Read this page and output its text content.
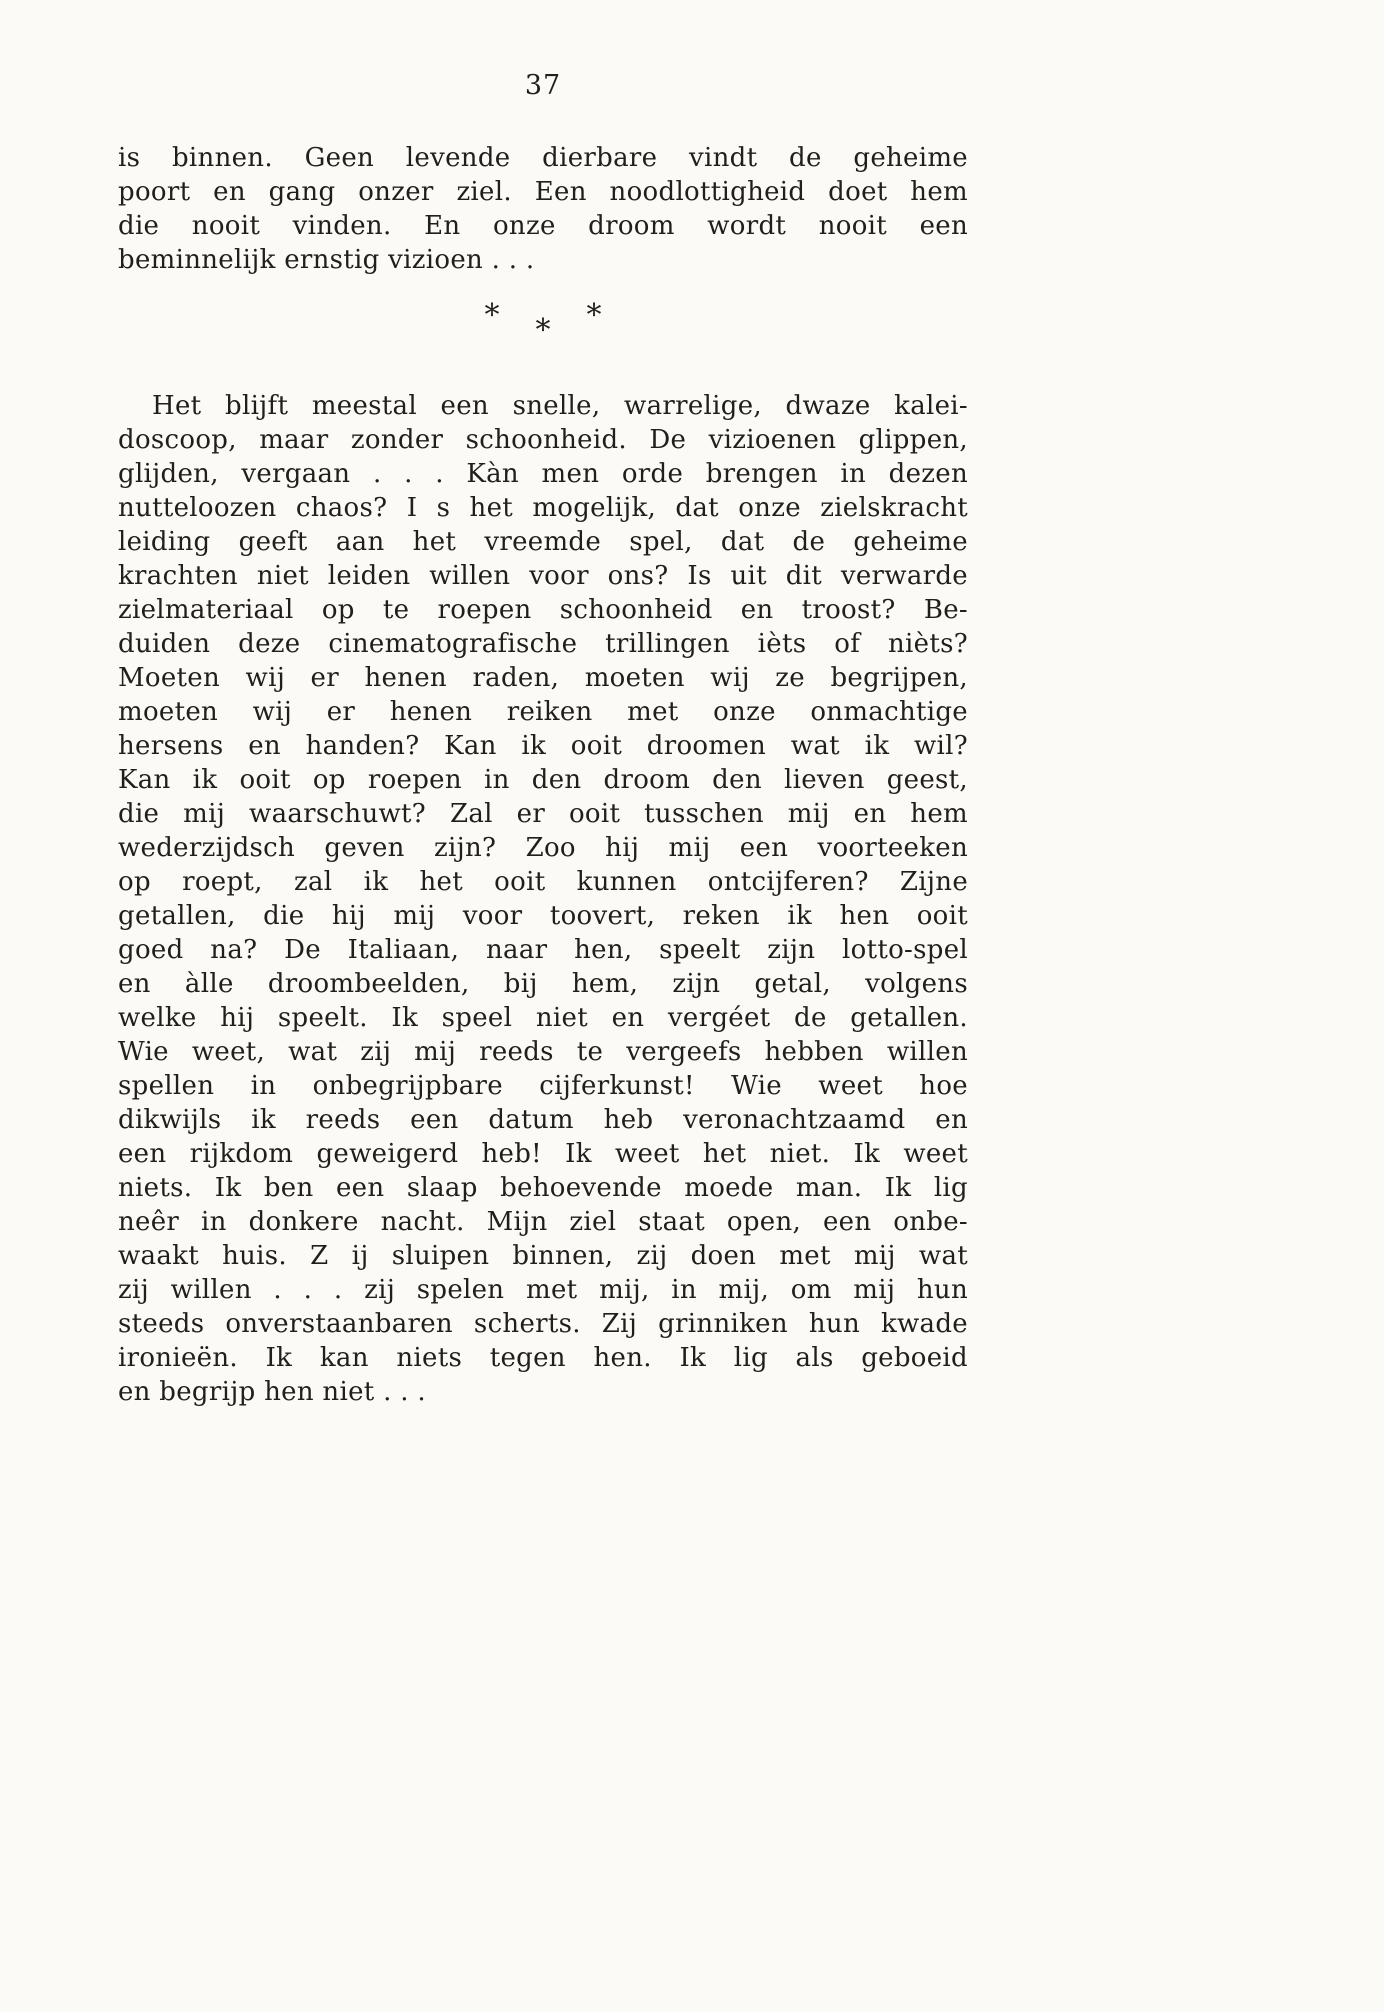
37
is binnen. Geen levende dierbare vindt de geheime
poort en gang onzer ziel. Een noodlottigheid doet hem
die nooit vinden. En onze droom wordt nooit een
beminnelijk ernstig vizioen . . .
* * *
Het blijft meestal een snelle, warrelige, dwaze kalei-
doscoop, maar zonder schoonheid. De vizioenen glippen,
glijden, vergaan . . . Kàn men orde brengen in dezen
nutteloozen chaos? I s het mogelijk, dat onze zielskracht
leiding geeft aan het vreemde spel, dat de geheime
krachten niet leiden willen voor ons? Is uit dit verwarde
zielmateriaal op te roepen schoonheid en troost? Be-
duiden deze cinematografische trillingen ièts of nièts?
Moeten wij er henen raden, moeten wij ze begrijpen,
moeten wij er henen reiken met onze onmachtige
hersens en handen? Kan ik ooit droomen wat ik wil?
Kan ik ooit op roepen in den droom den lieven geest,
die mij waarschuwt? Zal er ooit tusschen mij en hem
wederzijdsch geven zijn? Zoo hij mij een voorteeken
op roept, zal ik het ooit kunnen ontcijferen? Zijne
getallen, die hij mij voor toovert, reken ik hen ooit
goed na? De Italiaan, naar hen, speelt zijn lotto-spel
en àlle droombeelden, bij hem, zijn getal, volgens
welke hij speelt. Ik speel niet en vergéet de getallen.
Wie weet, wat zij mij reeds te vergeefs hebben willen
spellen in onbegrijpbare cijferkunst! Wie weet hoe
dikwijls ik reeds een datum heb veronachtzaamd en
een rijkdom geweigerd heb! Ik weet het niet. Ik weet
niets. Ik ben een slaap behoevende moede man. Ik lig
neêr in donkere nacht. Mijn ziel staat open, een onbe-
waakt huis. Z ij sluipen binnen, zij doen met mij wat
zij willen . . . zij spelen met mij, in mij, om mij hun
steeds onverstaanbaren scherts. Zij grinniken hun kwade
ironieën. Ik kan niets tegen hen. Ik lig als geboeid
en begrijp hen niet . . .
